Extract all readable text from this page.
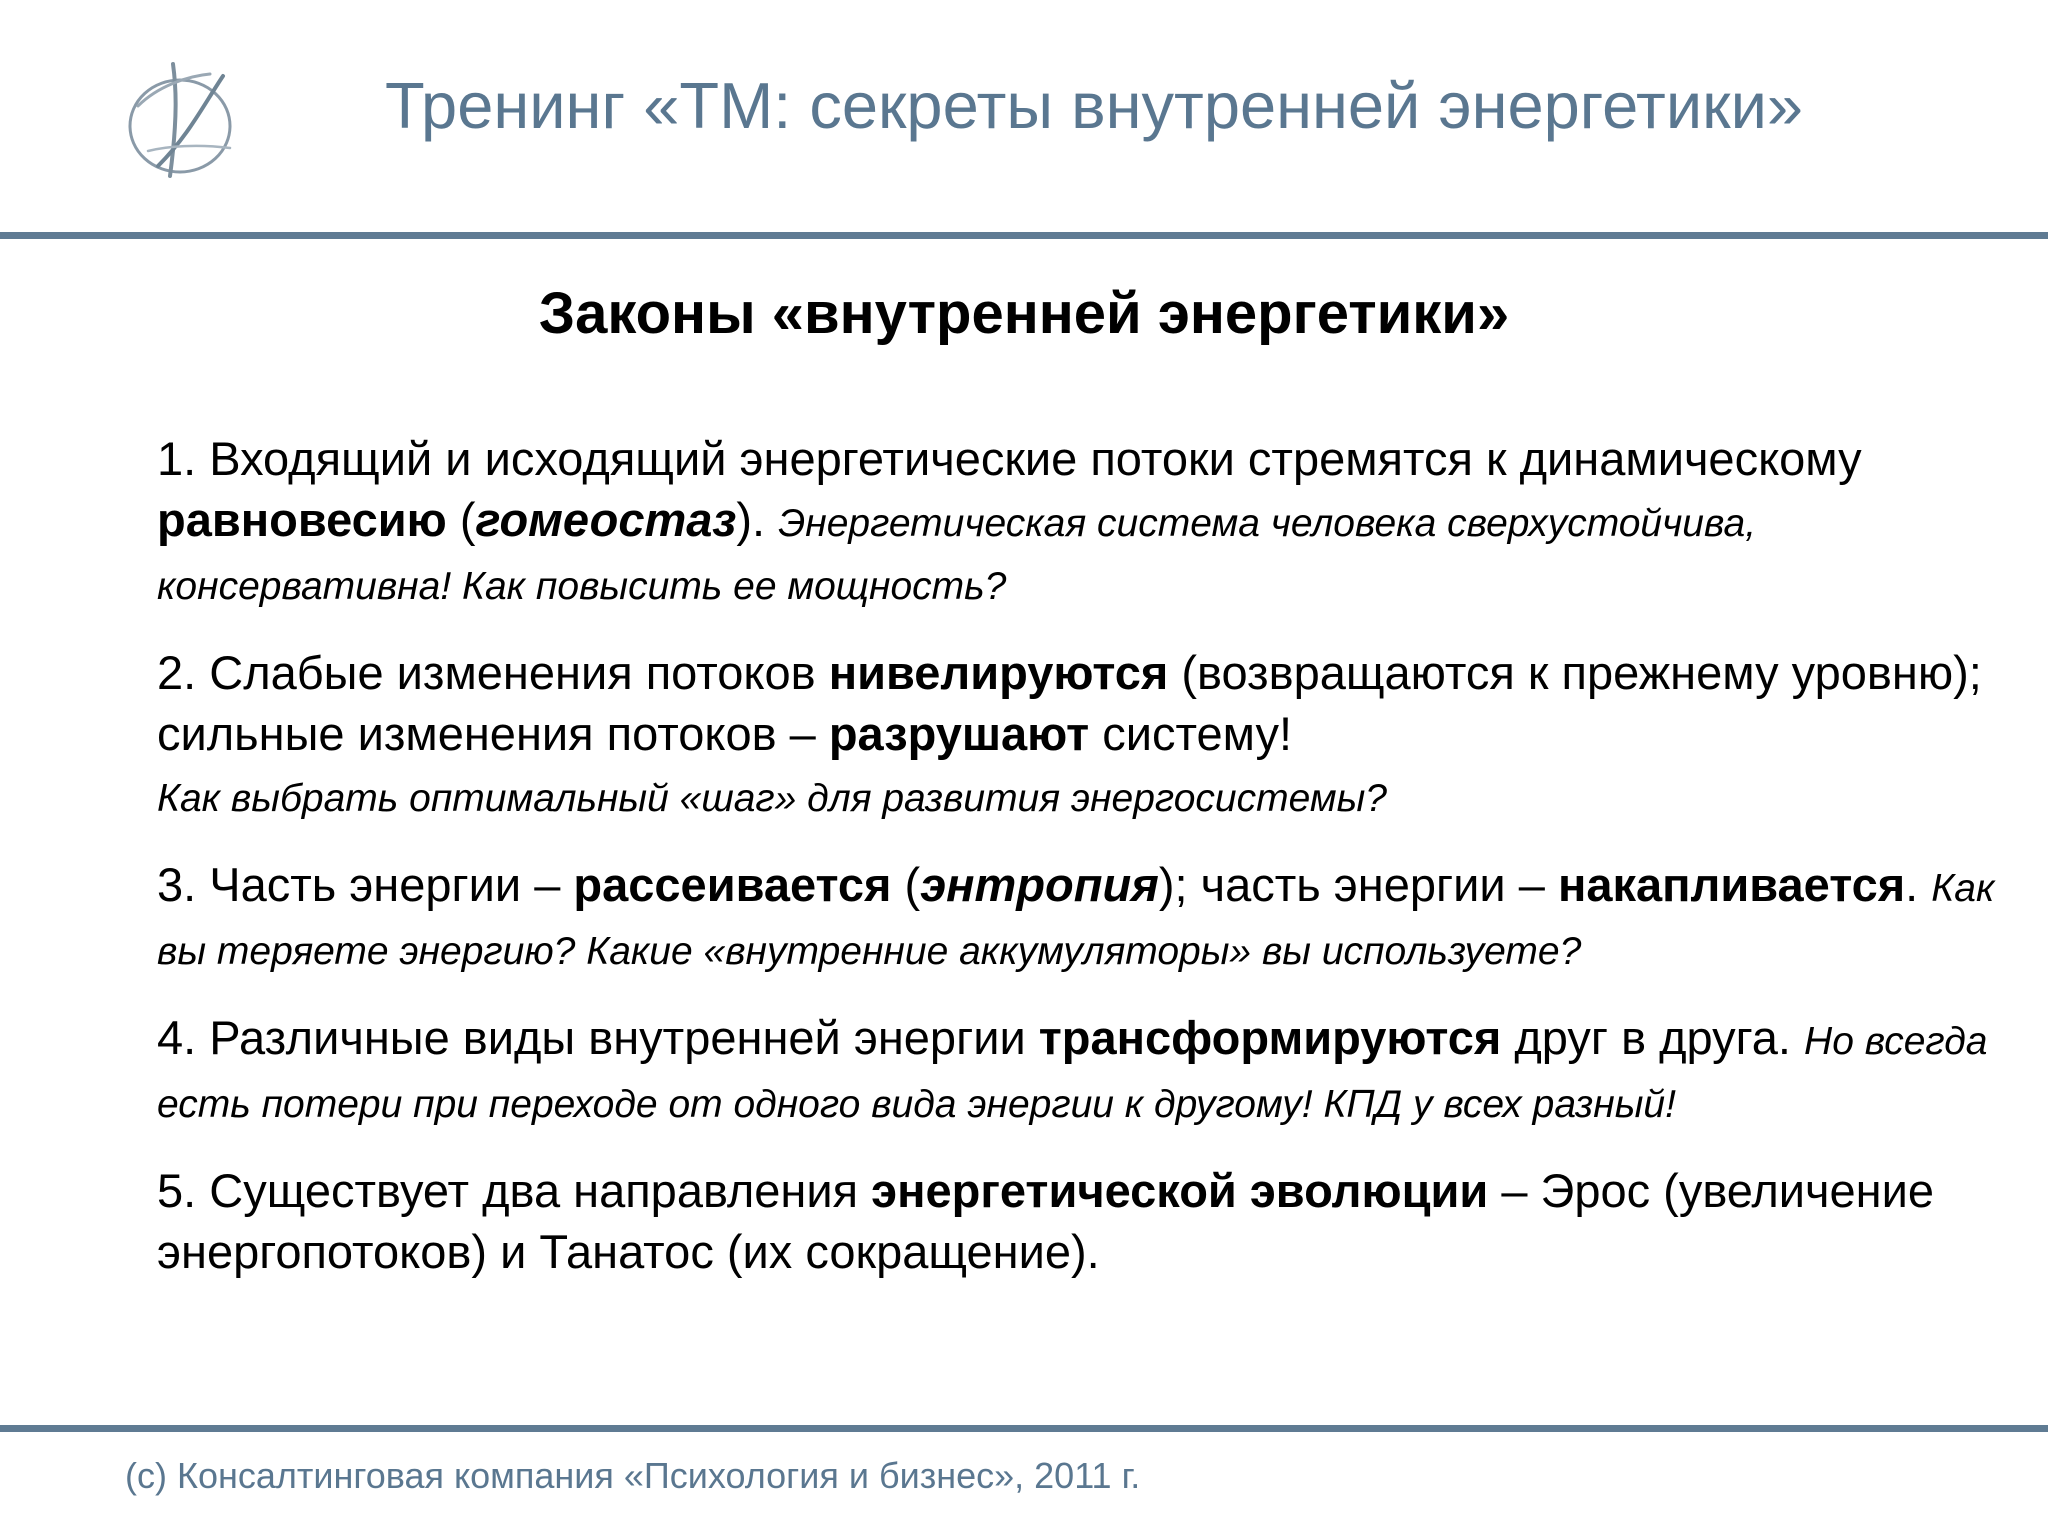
Тренинг «ТМ: секреты внутренней энергетики»
Законы «внутренней энергетики»
1. Входящий и исходящий энергетические потоки стремятся к динамическому равновесию (гомеостаз). Энергетическая система человека сверхустойчива, консервативна! Как повысить ее мощность?
2. Слабые изменения потоков нивелируются (возвращаются к прежнему уровню); сильные изменения потоков – разрушают систему!
Как выбрать оптимальный «шаг» для развития энергосистемы?
3. Часть энергии – рассеивается (энтропия); часть энергии – накапливается. Как вы теряете энергию? Какие «внутренние аккумуляторы» вы используете?
4. Различные виды внутренней энергии трансформируются друг в друга. Но всегда есть потери при переходе от одного вида энергии к другому! КПД у всех разный!
5. Существует два направления энергетической эволюции – Эрос (увеличение энергопотоков) и Танатос (их сокращение).
(с) Консалтинговая компания «Психология и бизнес», 2011 г.
